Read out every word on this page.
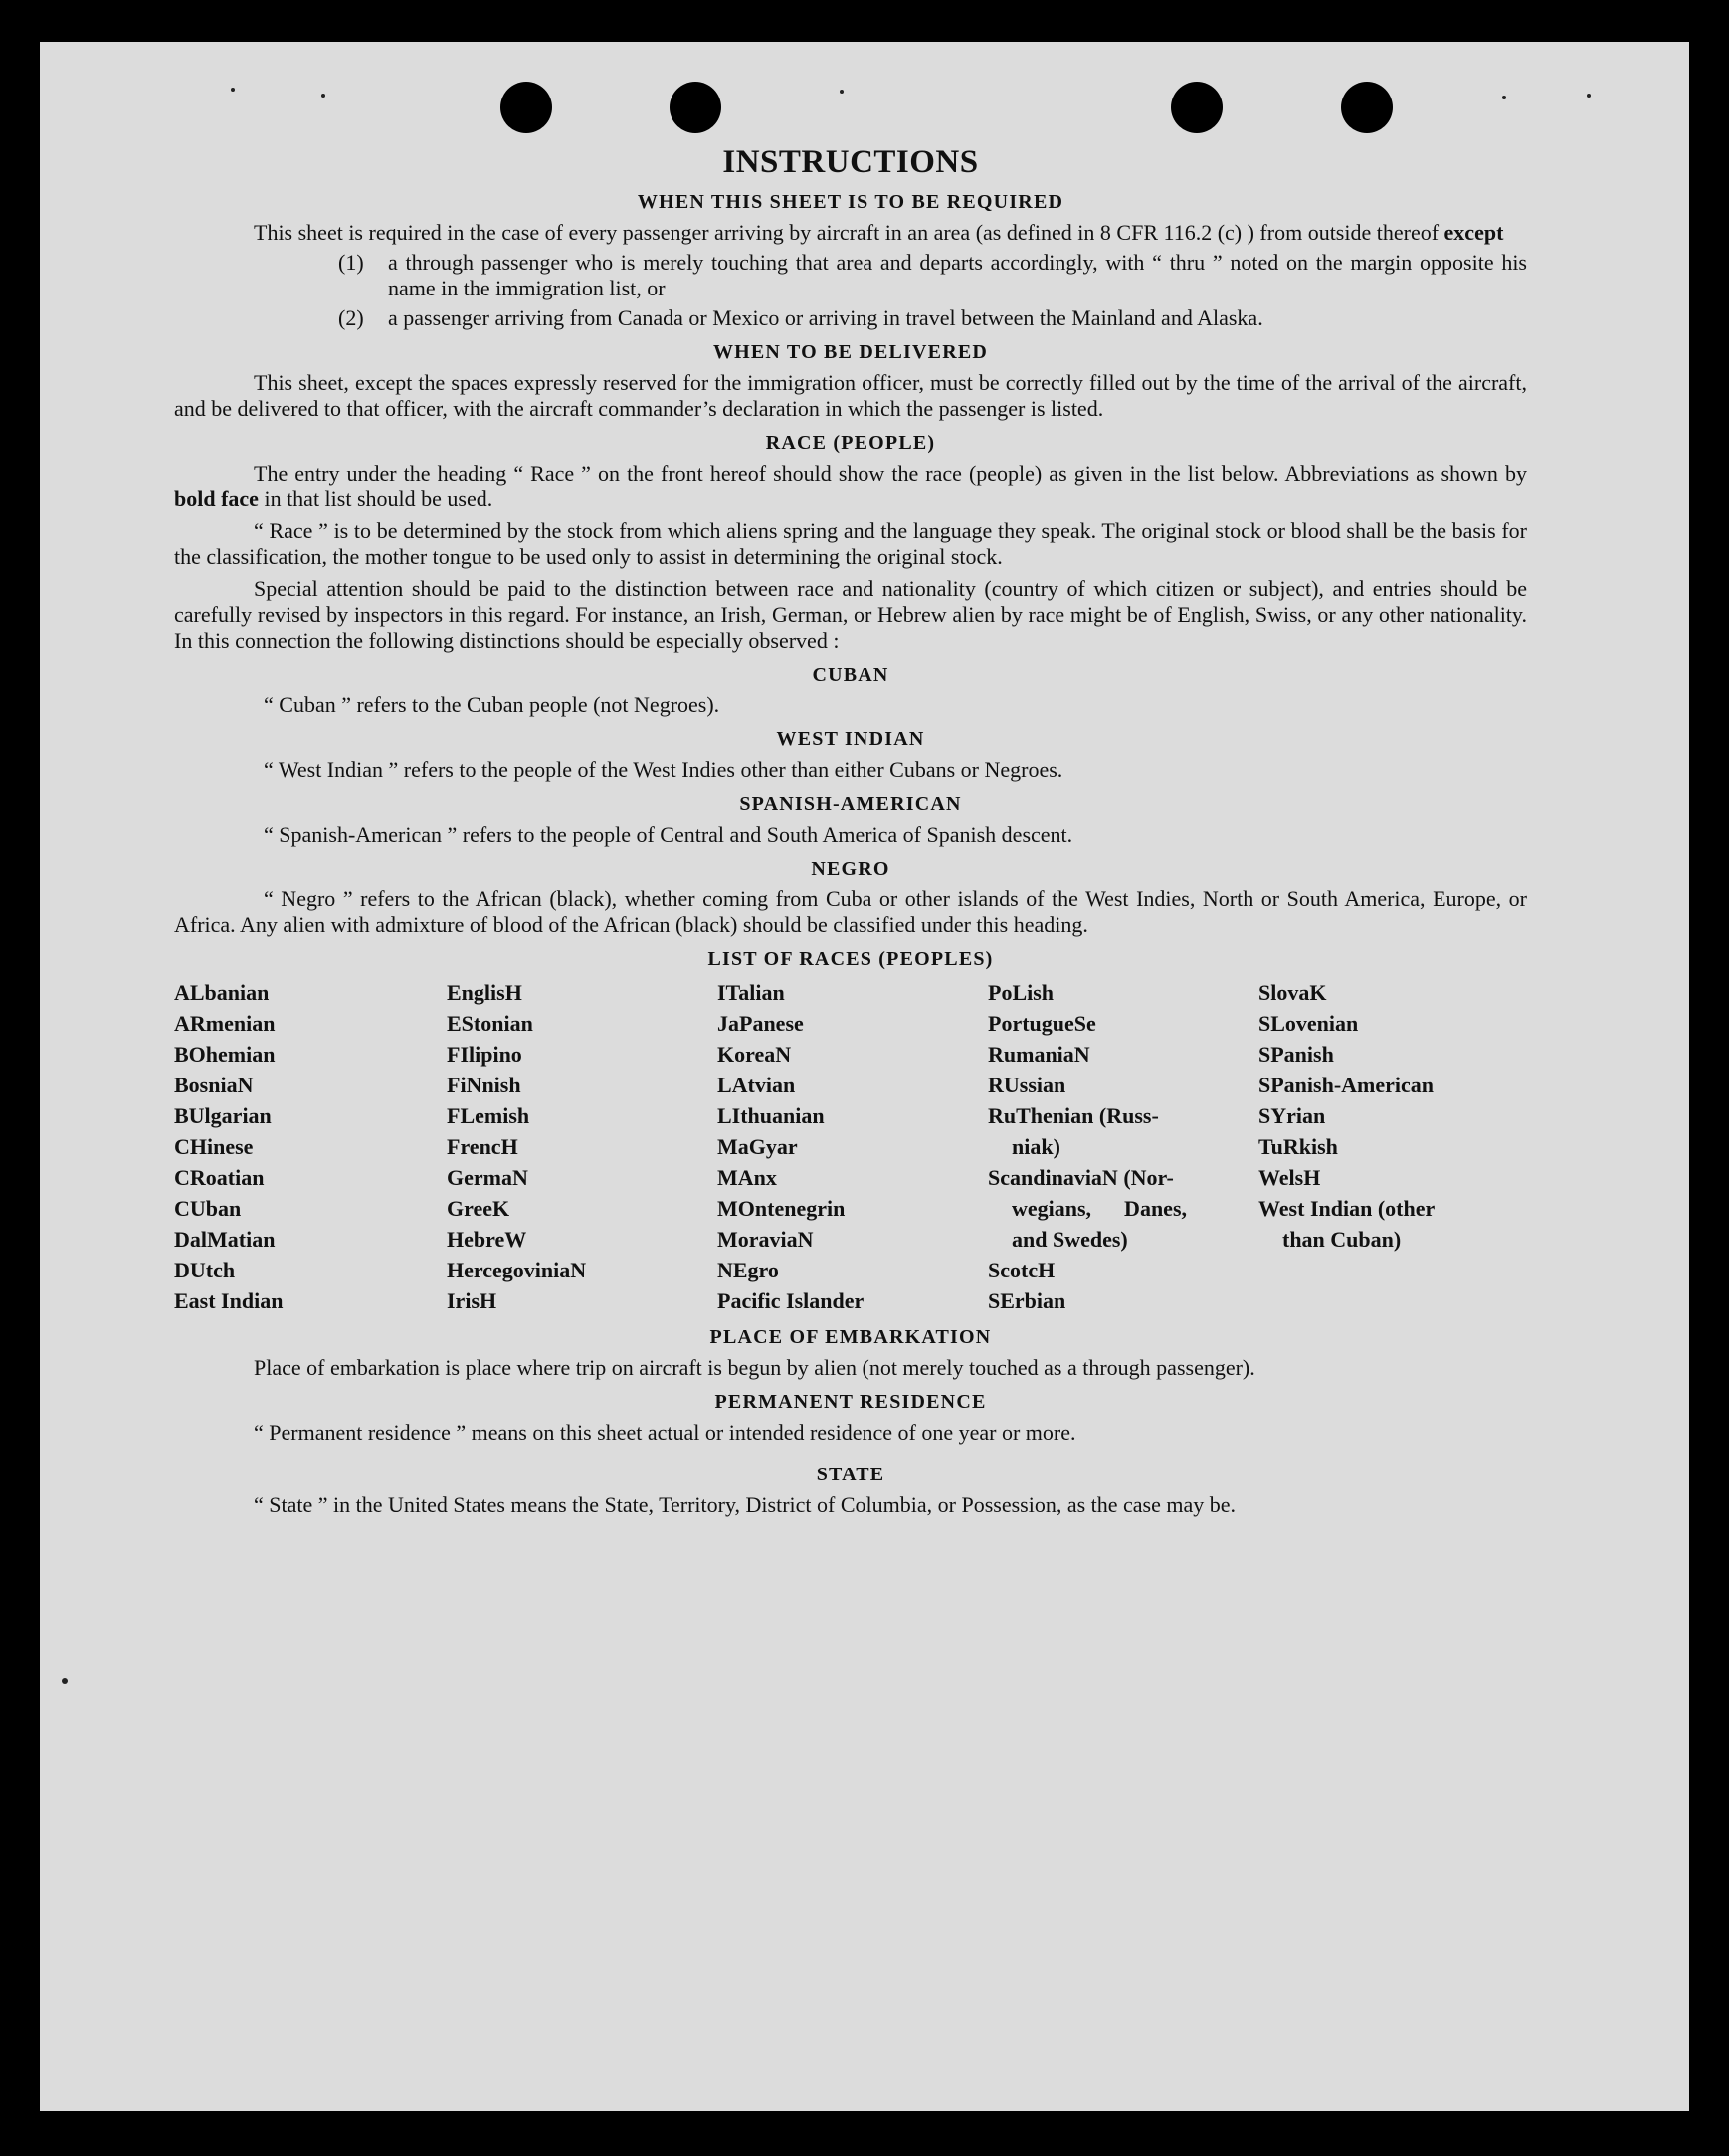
INSTRUCTIONS
WHEN THIS SHEET IS TO BE REQUIRED

This sheet is required in the case of every passenger arriving by aircraft in an area (as defined in 8 CFR 116.2 (c) ) from outside thereof except

(1)	a through passenger who is merely touching that area and departs accordingly, with “ thru ” noted on the margin opposite his name in the immigration list, or
(2)	a passenger arriving from Canada or Mexico or arriving in travel between the Mainland and Alaska.
WHEN TO BE DELIVERED

This sheet, except the spaces expressly reserved for the immigration officer, must be correctly filled out by the time of the arrival of the aircraft, and be delivered to that officer, with the aircraft commander’s declaration in which the passenger is listed.

RACE (PEOPLE)

The entry under the heading “ Race ” on the front hereof should show the race (people) as given in the list below. Abbreviations as shown by bold face in that list should be used.

“ Race ” is to be determined by the stock from which aliens spring and the language they speak. The original stock or blood shall be the basis for the classification, the mother tongue to be used only to assist in determining the original stock.

Special attention should be paid to the distinction between race and nationality (country of which citizen or subject), and entries should be carefully revised by inspectors in this regard. For instance, an Irish, German, or Hebrew alien by race might be of English, Swiss, or any other nationality. In this connection the following distinctions should be especially observed :

CUBAN

“ Cuban ” refers to the Cuban people (not Negroes).

WEST INDIAN

“ West Indian ” refers to the people of the West Indies other than either Cubans or Negroes.

SPANISH-AMERICAN

“ Spanish-American ” refers to the people of Central and South America of Spanish descent.

NEGRO

“ Negro ” refers to the African (black), whether coming from Cuba or other islands of the West Indies, North or South America, Europe, or Africa. Any alien with admixture of blood of the African (black) should be classified under this heading.

LIST OF RACES (PEOPLES)
ALbanian
ARmenian
BOhemian
BosniaN
BUlgarian
CHinese
CRoatian
CUban
DalMatian
DUtch
East Indian
EnglisH
EStonian
FIlipino
FiNnish
FLemish
FrencH
GermaN
GreeK
HebreW
HercegoviniaN
IrisH
ITalian
JaPanese
KoreaN
LAtvian
LIthuanian
MaGyar
MAnx
MOntenegrin
MoraviaN
NEgro
Pacific Islander
PoLish
PortugueSe
RumaniaN
RUssian
RuThenian (Russ-
niak)
ScandinaviaN (Nor-
wegians,      Danes,
and Swedes)
ScotcH
SErbian
SlovaK
SLovenian
SPanish
SPanish-American
SYrian
TuRkish
WelsH
West Indian (other
than Cuban)
PLACE OF EMBARKATION

Place of embarkation is place where trip on aircraft is begun by alien (not merely touched as a through passenger).

PERMANENT RESIDENCE

“ Permanent residence ” means on this sheet actual or intended residence of one year or more.

STATE

“ State ” in the United States means the State, Territory, District of Columbia, or Possession, as the case may be.
